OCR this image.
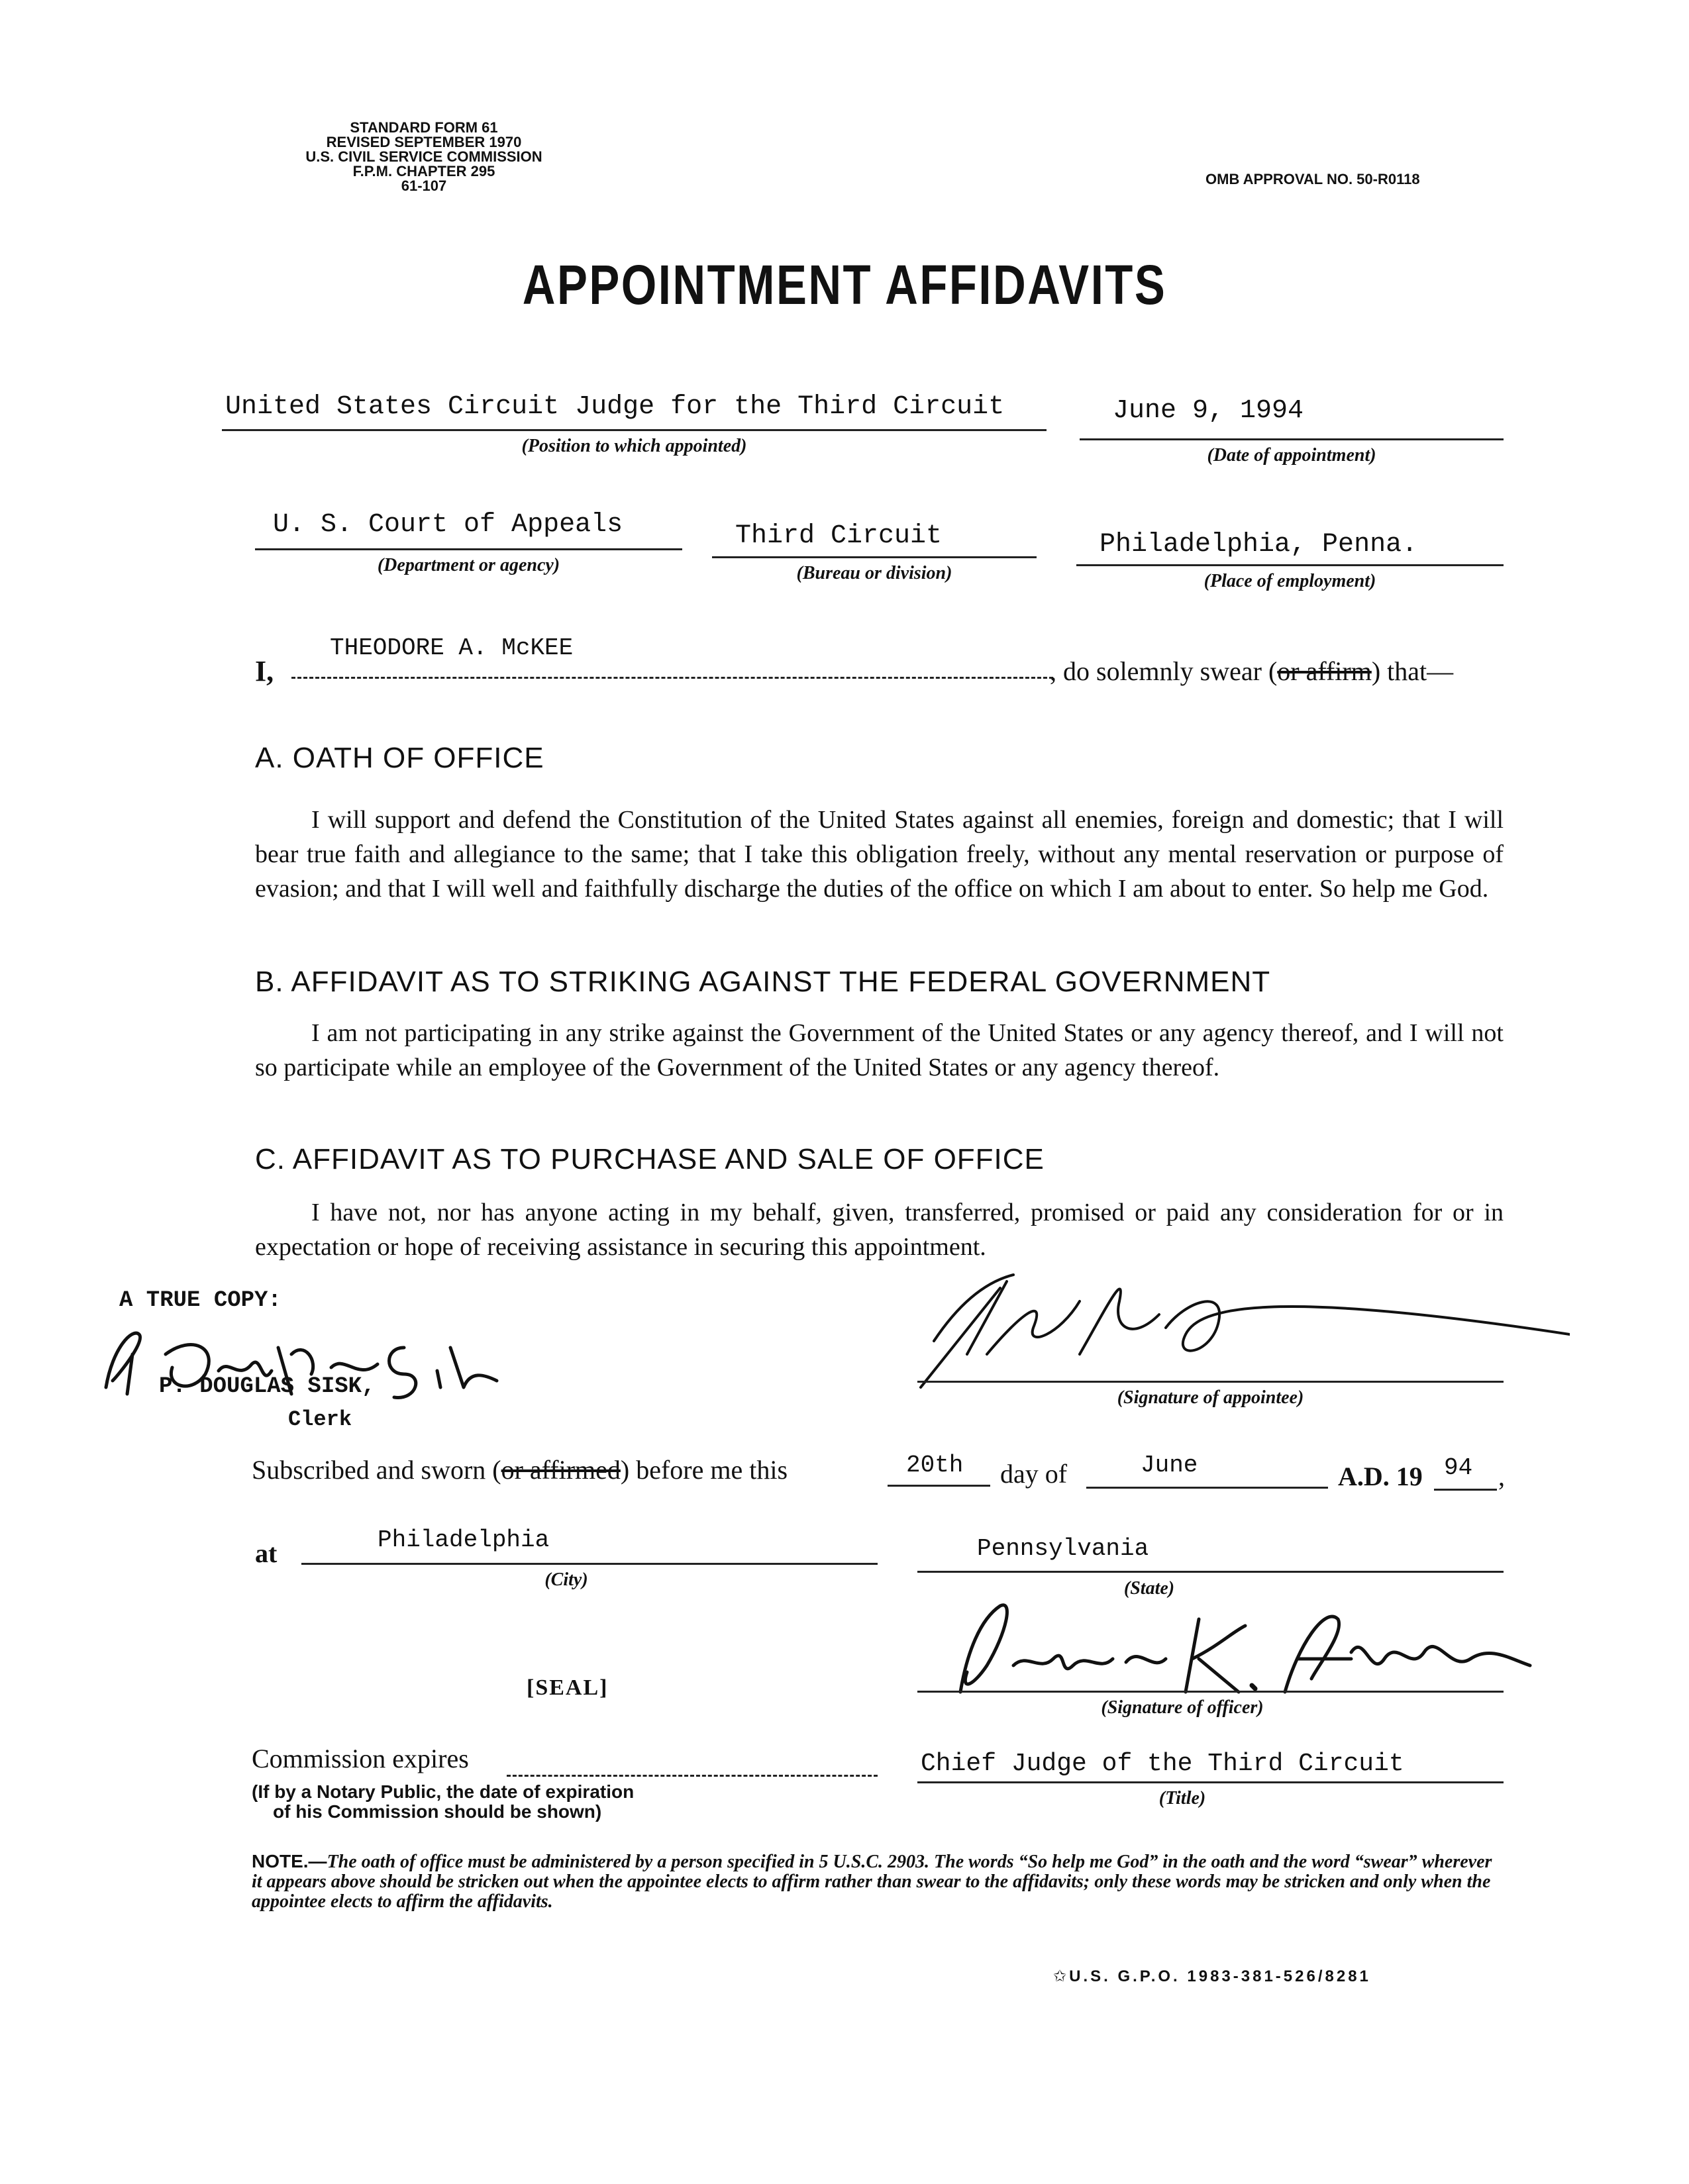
STANDARD FORM 61
REVISED SEPTEMBER 1970
U.S. CIVIL SERVICE COMMISSION
F.P.M. CHAPTER 295
61-107	OMB APPROVAL NO. 50-R0118
APPOINTMENT AFFIDAVITS
United States Circuit Judge for the Third Circuit
(Position to which appointed)
June 9, 1994
(Date of appointment)
U. S. Court of Appeals
(Department or agency)
Third Circuit
(Bureau or division)
Philadelphia, Penna.
(Place of employment)
I,
THEODORE A. McKEE
, do solemnly swear (or affirm) that—
A. OATH OF OFFICE
I will support and defend the Constitution of the United States against all enemies, foreign and domestic; that I will bear true faith and allegiance to the same; that I take this obligation freely, without any mental reservation or purpose of evasion; and that I will well and faithfully discharge the duties of the office on which I am about to enter. So help me God.
B. AFFIDAVIT AS TO STRIKING AGAINST THE FEDERAL GOVERNMENT
I am not participating in any strike against the Government of the United States or any agency thereof, and I will not so participate while an employee of the Government of the United States or any agency thereof.
C. AFFIDAVIT AS TO PURCHASE AND SALE OF OFFICE
I have not, nor has anyone acting in my behalf, given, transferred, promised or paid any consideration for or in expectation or hope of receiving assistance in securing this appointment.
A TRUE COPY:
P. DOUGLAS SISK,
Clerk
(Signature of appointee)
Subscribed and sworn (or affirmed) before me this	20th day of	June	A.D. 19 94 ,
at	Philadelphia
(City)
Pennsylvania
(State)
[SEAL]
(Signature of officer)
Commission expires
(If by a Notary Public, the date of expiration
of his Commission should be shown)
Chief Judge of the Third Circuit
(Title)
NOTE.—The oath of office must be administered by a person specified in 5 U.S.C. 2903. The words “So help me God” in the oath and the word “swear” wherever it appears above should be stricken out when the appointee elects to affirm rather than swear to the affidavits; only these words may be stricken and only when the appointee elects to affirm the affidavits.
✩U.S. G.P.O. 1983-381-526/8281
